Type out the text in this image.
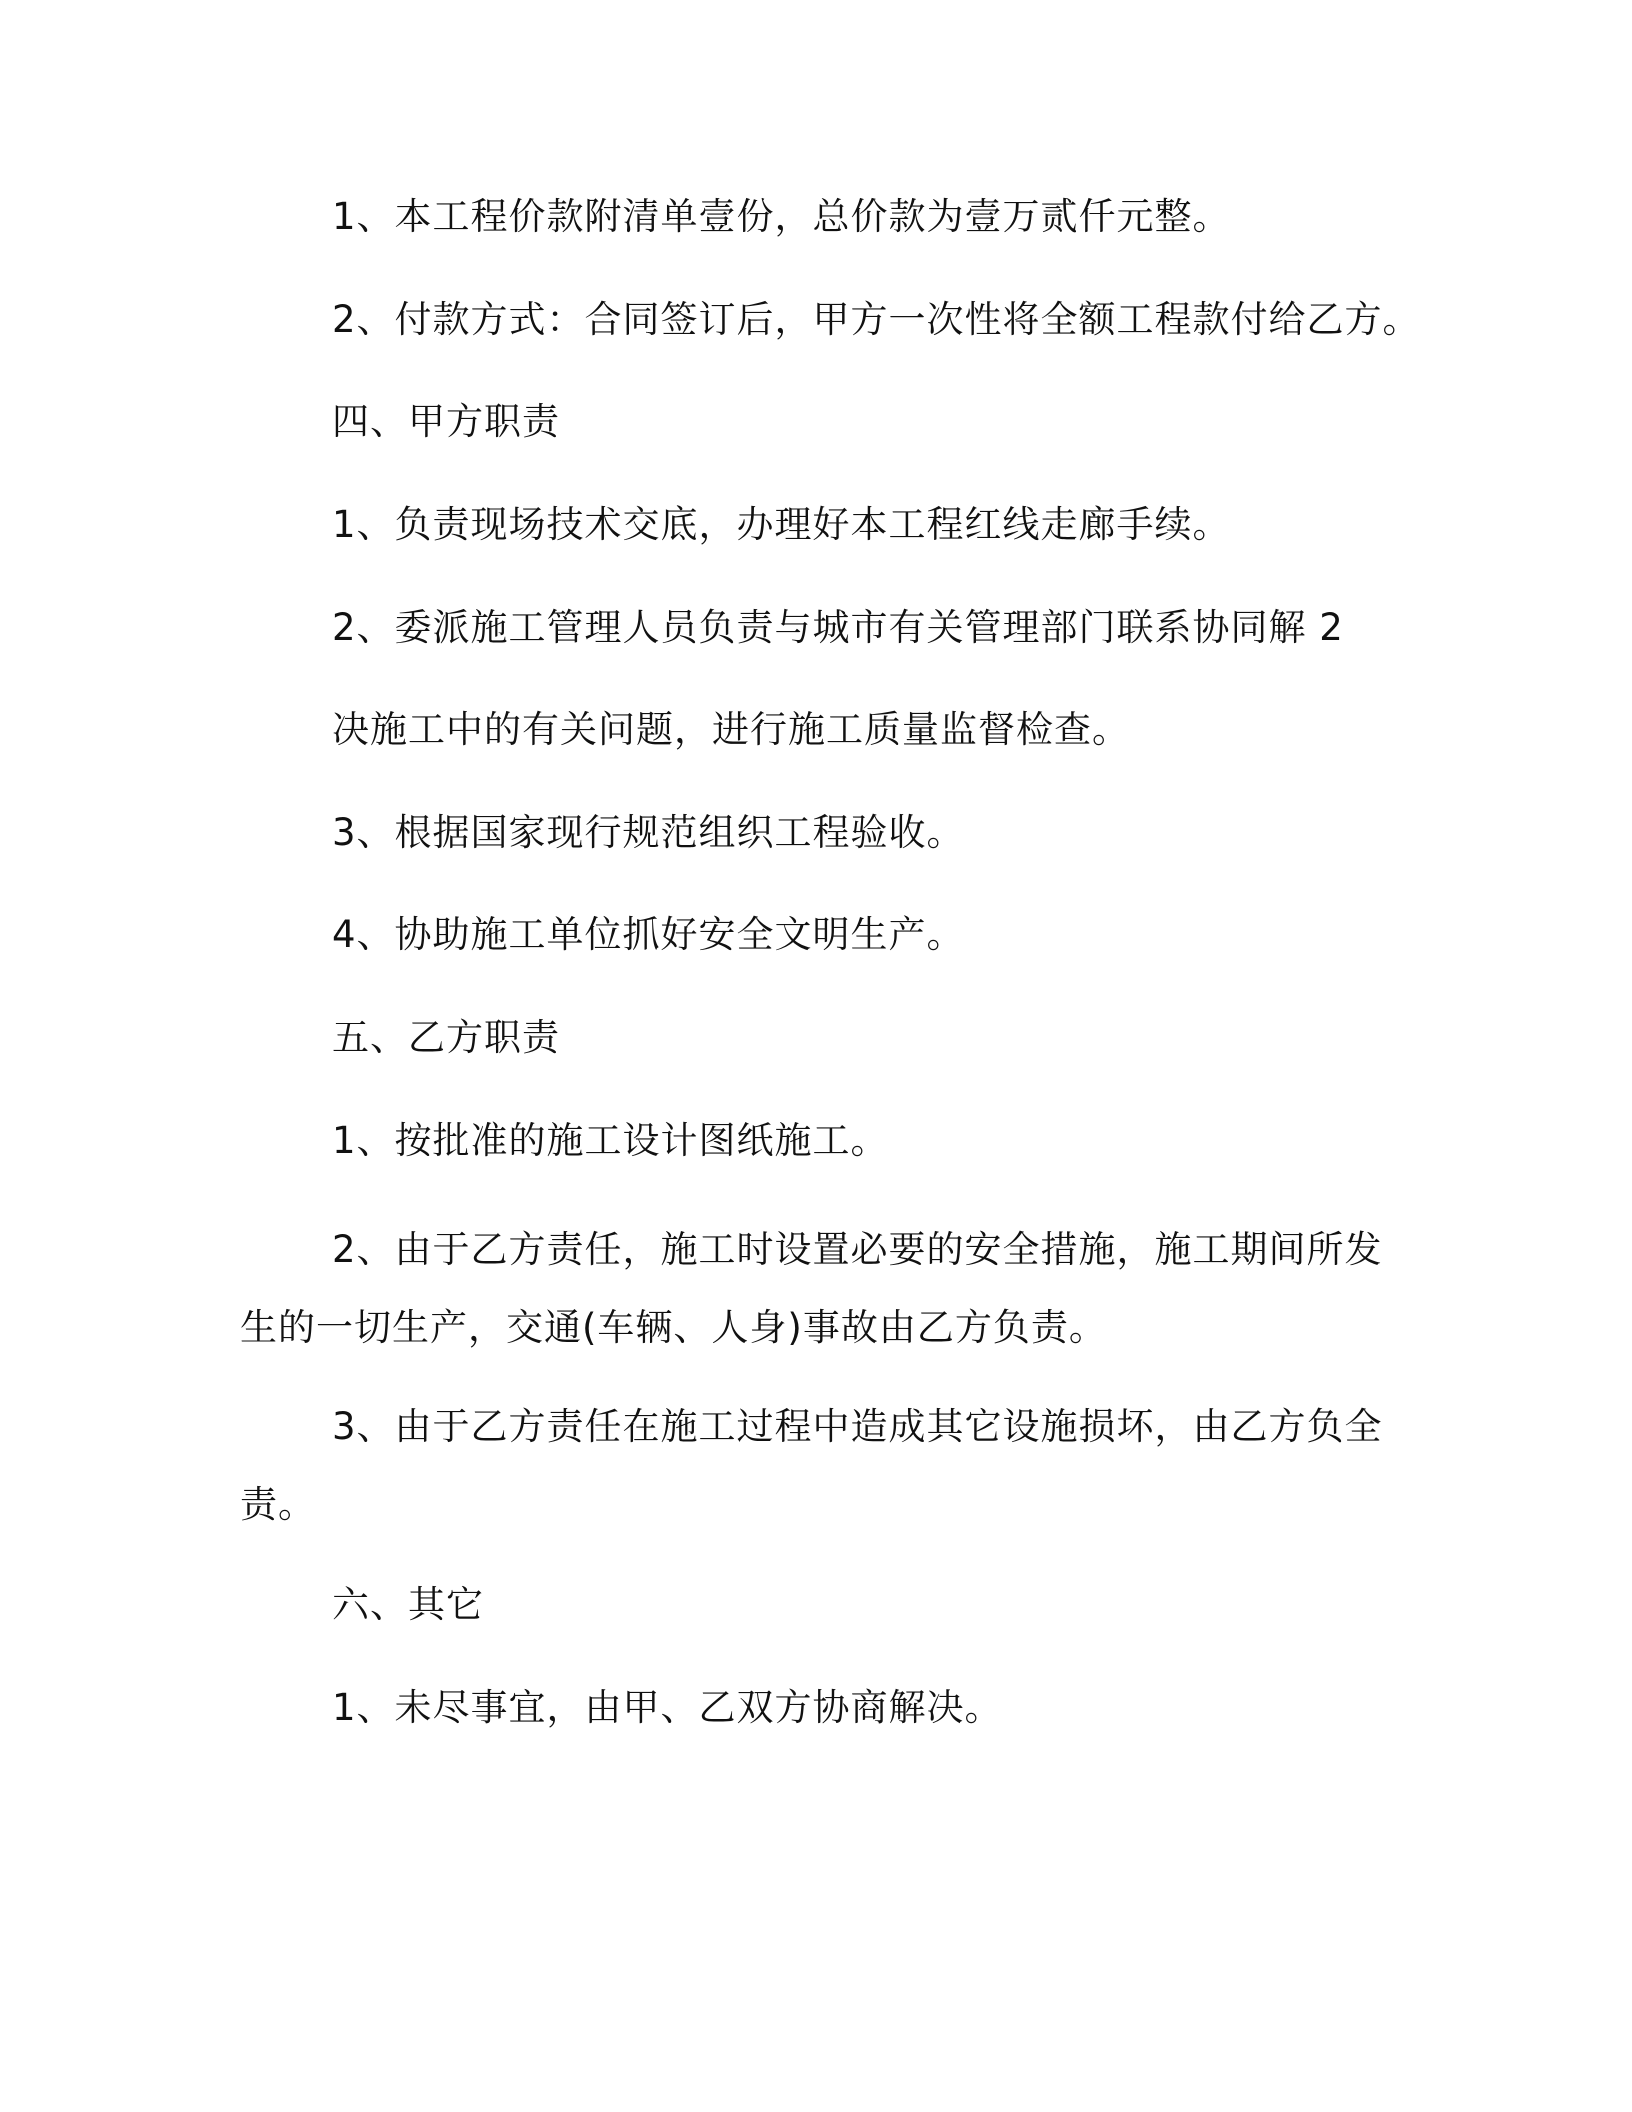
1、本工程价款附清单壹份，总价款为壹万贰仟元整。
2、付款方式：合同签订后，甲方一次性将全额工程款付给乙方。
四、甲方职责
1、负责现场技术交底，办理好本工程红线走廊手续。
2、委派施工管理人员负责与城市有关管理部门联系协同解 2
决施工中的有关问题，进行施工质量监督检查。
3、根据国家现行规范组织工程验收。
4、协助施工单位抓好安全文明生产。
五、乙方职责
1、按批准的施工设计图纸施工。
2、由于乙方责任，施工时设置必要的安全措施，施工期间所发
生的一切生产，交通(车辆、人身)事故由乙方负责。
3、由于乙方责任在施工过程中造成其它设施损坏，由乙方负全
责。
六、其它
1、未尽事宜，由甲、乙双方协商解决。
